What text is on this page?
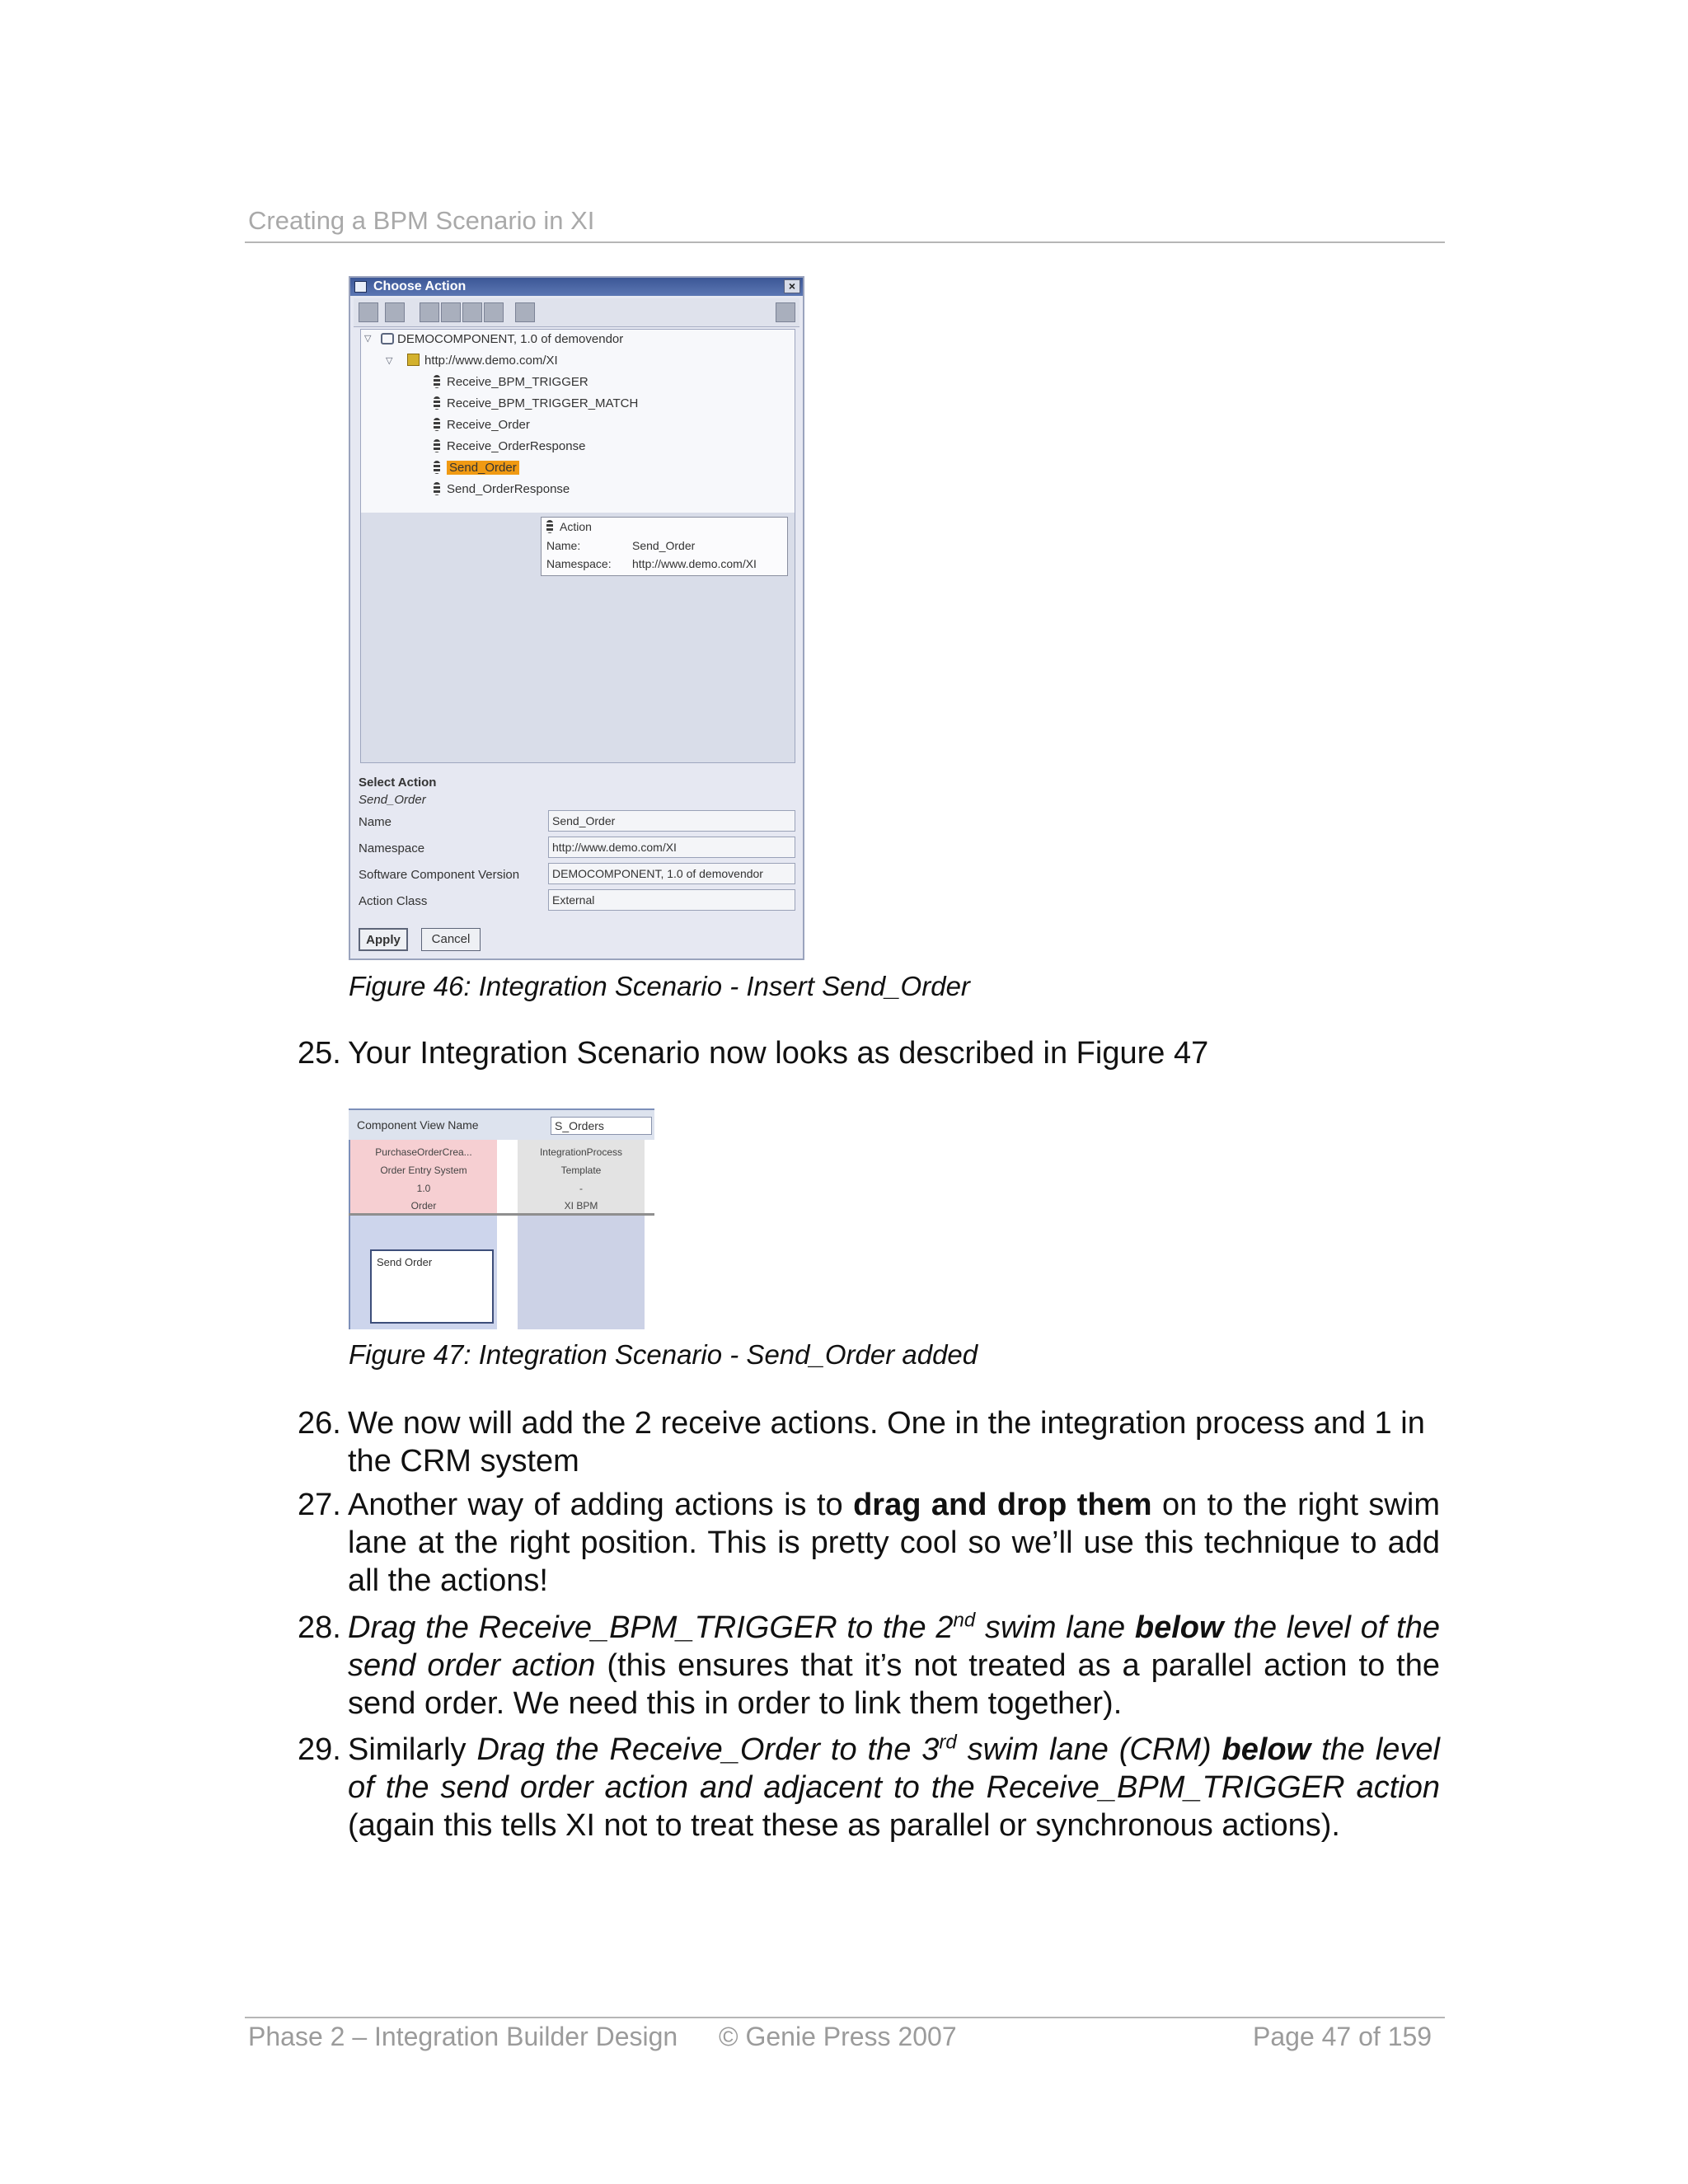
Creating a BPM Scenario in XI
Choose Action	×
▽	DEMOCOMPONENT, 1.0 of demovendor
▽	http://www.demo.com/XI
Receive_BPM_TRIGGER
Receive_BPM_TRIGGER_MATCH
Receive_Order
Receive_OrderResponse
Send_Order
Send_OrderResponse
Action
Name:	Send_Order
Namespace: http://www.demo.com/XI
Select Action
Send_Order
Name	Send_Order
Namespace	http://www.demo.com/XI
Software Component Version	DEMOCOMPONENT, 1.0 of demovendor
Action Class	External
Apply	Cancel
Figure 46: Integration Scenario - Insert Send_Order
25. Your Integration Scenario now looks as described in Figure 47
Component View Name	S_Orders
PurchaseOrderCrea...
Order Entry System
1.0
Order
IntegrationProcess
Template
-
XI BPM
Send Order
Figure 47: Integration Scenario - Send_Order added
26. We now will add the 2 receive actions. One in the integration process and 1 in the CRM system
27. Another way of adding actions is to drag and drop them on to the right swim lane at the right position. This is pretty cool so we’ll use this technique to add all the actions!
28. Drag the Receive_BPM_TRIGGER to the 2nd swim lane below the level of the send order action (this ensures that it’s not treated as a parallel action to the send order. We need this in order to link them together).
29. Similarly Drag the Receive_Order to the 3rd swim lane (CRM) below the level of the send order action and adjacent to the Receive_BPM_TRIGGER action (again this tells XI not to treat these as parallel or synchronous actions).
Phase 2 – Integration Builder Design © Genie Press 2007	Page 47 of 159
